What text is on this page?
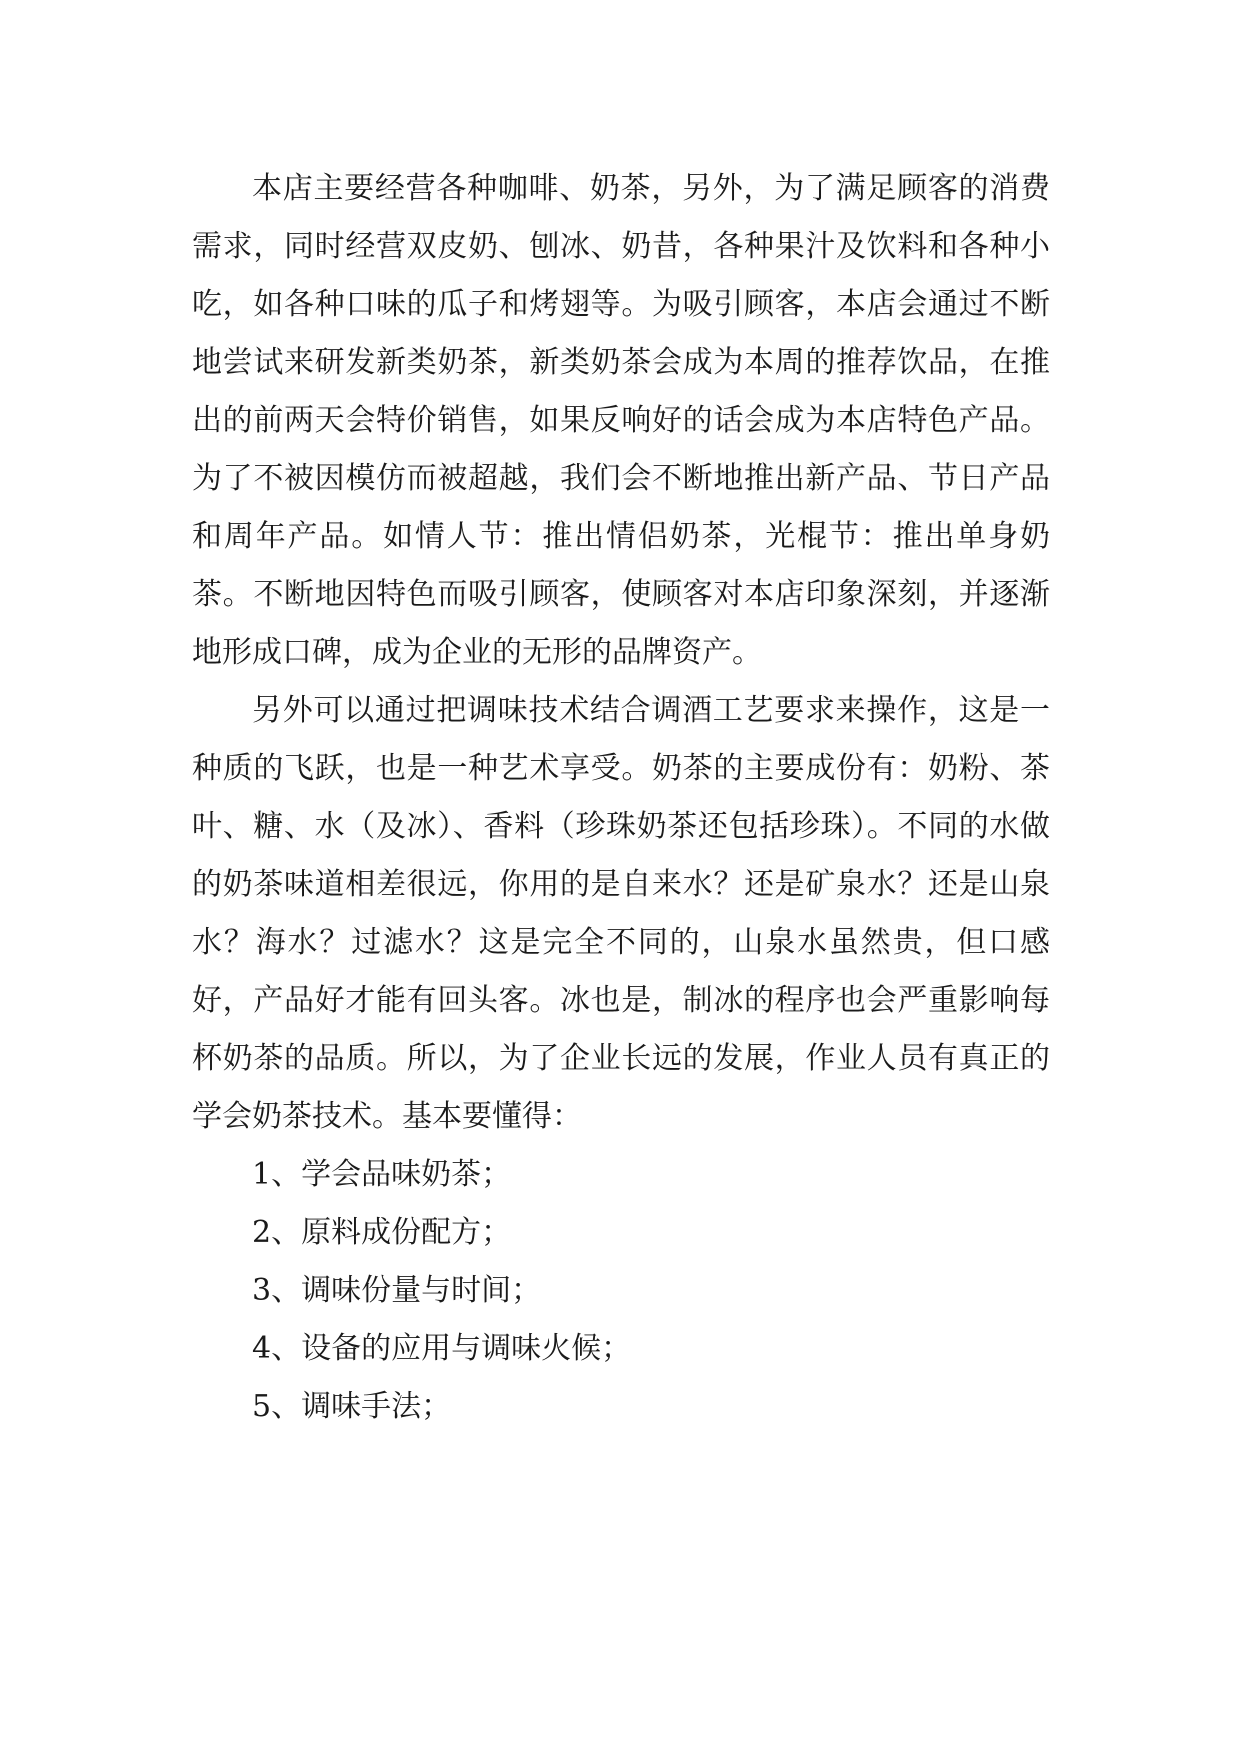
本店主要经营各种咖啡、奶茶，另外，为了满足顾客的消费需求，同时经营双皮奶、刨冰、奶昔，各种果汁及饮料和各种小吃，如各种口味的瓜子和烤翅等。为吸引顾客，本店会通过不断地尝试来研发新类奶茶，新类奶茶会成为本周的推荐饮品，在推出的前两天会特价销售，如果反响好的话会成为本店特色产品。为了不被因模仿而被超越，我们会不断地推出新产品、节日产品和周年产品。如情人节：推出情侣奶茶，光棍节：推出单身奶茶。不断地因特色而吸引顾客，使顾客对本店印象深刻，并逐渐地形成口碑，成为企业的无形的品牌资产。

另外可以通过把调味技术结合调酒工艺要求来操作，这是一种质的飞跃，也是一种艺术享受。奶茶的主要成份有：奶粉、茶叶、糖、水（及冰）、香料（珍珠奶茶还包括珍珠）。不同的水做的奶茶味道相差很远，你用的是自来水？还是矿泉水？还是山泉水？海水？过滤水？这是完全不同的，山泉水虽然贵，但口感好，产品好才能有回头客。冰也是，制冰的程序也会严重影响每杯奶茶的品质。所以，为了企业长远的发展，作业人员有真正的学会奶茶技术。基本要懂得：

1、学会品味奶茶；
2、原料成份配方；
3、调味份量与时间；
4、设备的应用与调味火候；
5、调味手法；
